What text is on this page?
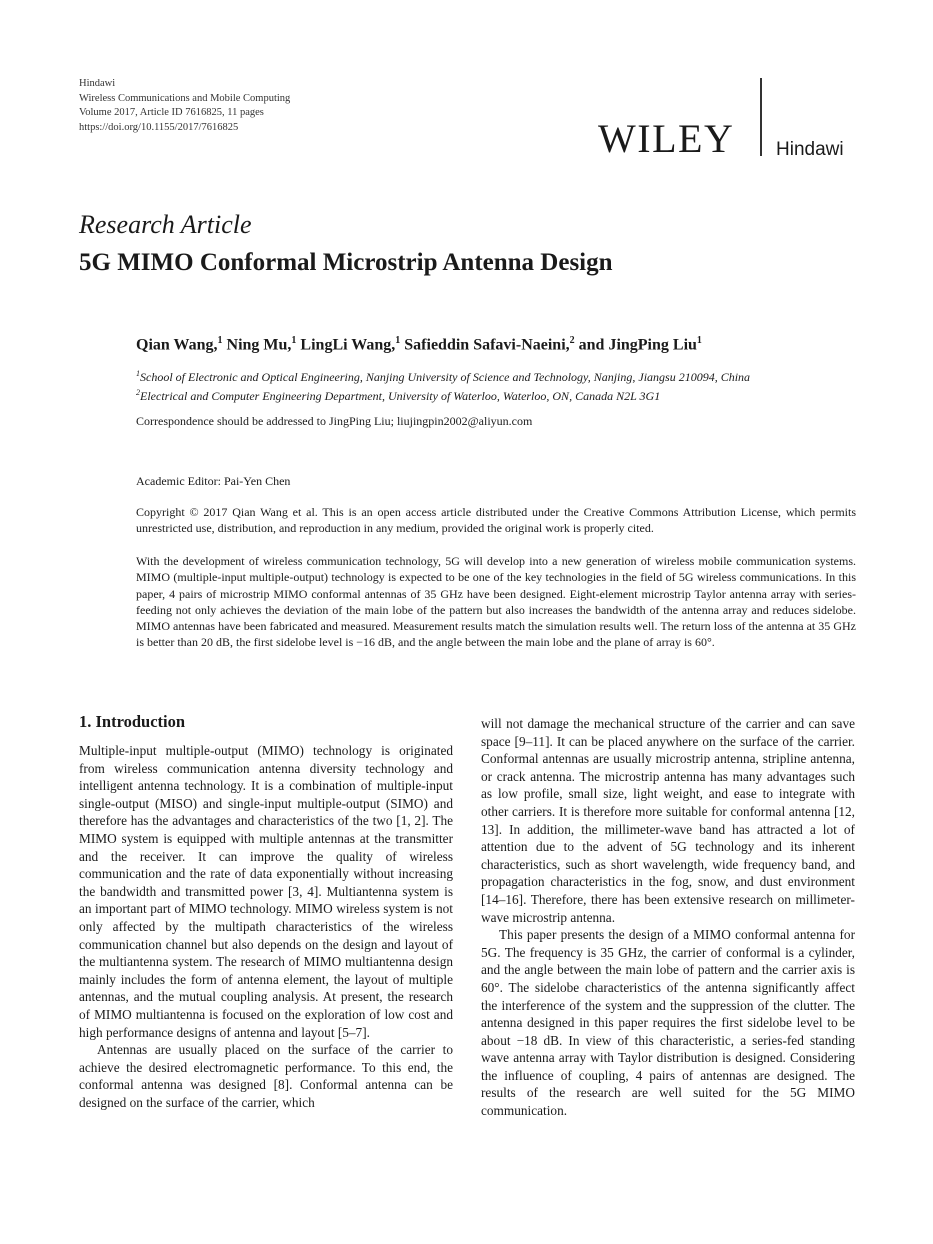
Hindawi
Wireless Communications and Mobile Computing
Volume 2017, Article ID 7616825, 11 pages
https://doi.org/10.1155/2017/7616825	WILEY Hindawi
Research Article
5G MIMO Conformal Microstrip Antenna Design
Qian Wang,$^1$ Ning Mu,$^1$ LingLi Wang,$^1$ Safieddin Safavi-Naeini,$^2$ and JingPing Liu$^1$
$^1$School of Electronic and Optical Engineering, Nanjing University of Science and Technology, Nanjing, Jiangsu 210094, China
$^2$Electrical and Computer Engineering Department, University of Waterloo, Waterloo, ON, Canada N2L 3G1
Correspondence should be addressed to JingPing Liu; liujingpin2002@aliyun.com
Academic Editor: Pai-Yen Chen
Copyright © 2017 Qian Wang et al. This is an open access article distributed under the Creative Commons Attribution License, which permits unrestricted use, distribution, and reproduction in any medium, provided the original work is properly cited.
With the development of wireless communication technology, 5G will develop into a new generation of wireless mobile communication systems. MIMO (multiple-input multiple-output) technology is expected to be one of the key technologies in the field of 5G wireless communications. In this paper, 4 pairs of microstrip MIMO conformal antennas of 35 GHz have been designed. Eight-element microstrip Taylor antenna array with series-feeding not only achieves the deviation of the main lobe of the pattern but also increases the bandwidth of the antenna array and reduces sidelobe. MIMO antennas have been fabricated and measured. Measurement results match the simulation results well. The return loss of the antenna at 35 GHz is better than 20 dB, the first sidelobe level is −16 dB, and the angle between the main lobe and the plane of array is 60°.
1. Introduction

Multiple-input multiple-output (MIMO) technology is originated from wireless communication antenna diversity technology and intelligent antenna technology. It is a combination of multiple-input single-output (MISO) and single-input multiple-output (SIMO) and therefore has the advantages and characteristics of the two [1, 2]. The MIMO system is equipped with multiple antennas at the transmitter and the receiver. It can improve the quality of wireless communication and the rate of data exponentially without increasing the bandwidth and transmitted power [3, 4]. Multiantenna system is an important part of MIMO technology. MIMO wireless system is not only affected by the multipath characteristics of the wireless communication channel but also depends on the design and layout of the multiantenna system. The research of MIMO multiantenna design mainly includes the form of antenna element, the layout of multiple antennas, and the mutual coupling analysis. At present, the research of MIMO multiantenna is focused on the exploration of low cost and high performance designs of antenna and layout [5–7].

Antennas are usually placed on the surface of the carrier to achieve the desired electromagnetic performance. To this end, the conformal antenna was designed [8]. Conformal antenna can be designed on the surface of the carrier, which

will not damage the mechanical structure of the carrier and can save space [9–11]. It can be placed anywhere on the surface of the carrier. Conformal antennas are usually microstrip antenna, stripline antenna, or crack antenna. The microstrip antenna has many advantages such as low profile, small size, light weight, and ease to integrate with other carriers. It is therefore more suitable for conformal antenna [12, 13]. In addition, the millimeter-wave band has attracted a lot of attention due to the advent of 5G technology and its inherent characteristics, such as short wavelength, wide frequency band, and propagation characteristics in the fog, snow, and dust environment [14–16]. Therefore, there has been extensive research on millimeter-wave microstrip antenna.

This paper presents the design of a MIMO conformal antenna for 5G. The frequency is 35 GHz, the carrier of conformal is a cylinder, and the angle between the main lobe of pattern and the carrier axis is 60°. The sidelobe characteristics of the antenna significantly affect the interference of the system and the suppression of the clutter. The antenna designed in this paper requires the first sidelobe level to be about −18 dB. In view of this characteristic, a series-fed standing wave antenna array with Taylor distribution is designed. Considering the influence of coupling, 4 pairs of antennas are designed. The results of the research are well suited for the 5G MIMO communication.
